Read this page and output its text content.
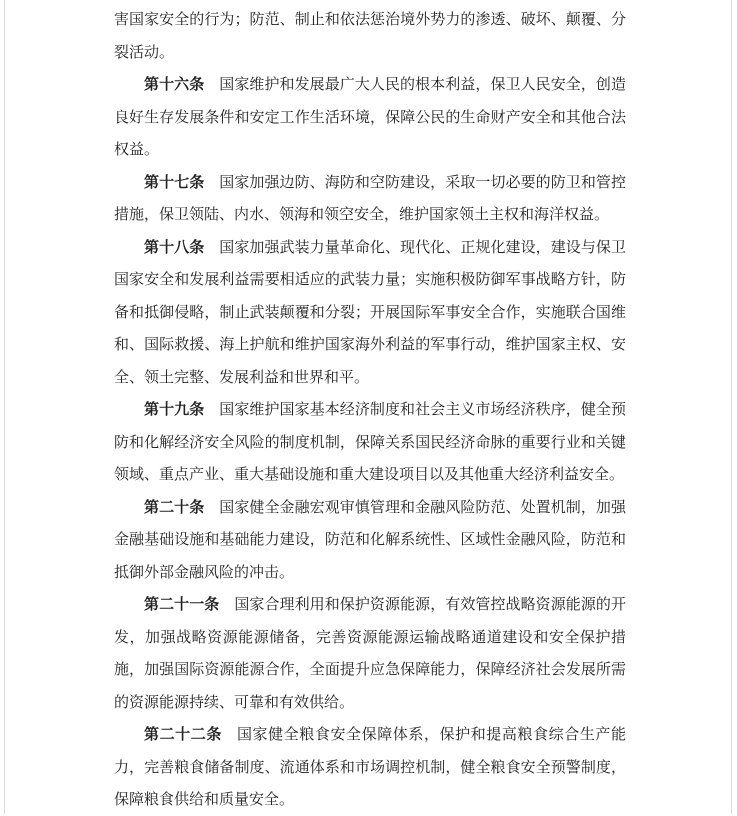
害国家安全的行为；防范、制止和依法惩治境外势力的渗透、破坏、颠覆、分裂活动。

第十六条 国家维护和发展最广大人民的根本利益，保卫人民安全，创造良好生存发展条件和安定工作生活环境，保障公民的生命财产安全和其他合法权益。

第十七条 国家加强边防、海防和空防建设，采取一切必要的防卫和管控措施，保卫领陆、内水、领海和领空安全，维护国家领土主权和海洋权益。

第十八条 国家加强武装力量革命化、现代化、正规化建设，建设与保卫国家安全和发展利益需要相适应的武装力量；实施积极防御军事战略方针，防备和抵御侵略，制止武装颠覆和分裂；开展国际军事安全合作，实施联合国维和、国际救援、海上护航和维护国家海外利益的军事行动，维护国家主权、安全、领土完整、发展利益和世界和平。

第十九条 国家维护国家基本经济制度和社会主义市场经济秩序，健全预防和化解经济安全风险的制度机制，保障关系国民经济命脉的重要行业和关键领域、重点产业、重大基础设施和重大建设项目以及其他重大经济利益安全。

第二十条 国家健全金融宏观审慎管理和金融风险防范、处置机制，加强金融基础设施和基础能力建设，防范和化解系统性、区域性金融风险，防范和抵御外部金融风险的冲击。

第二十一条 国家合理利用和保护资源能源，有效管控战略资源能源的开发，加强战略资源能源储备，完善资源能源运输战略通道建设和安全保护措施，加强国际资源能源合作，全面提升应急保障能力，保障经济社会发展所需的资源能源持续、可靠和有效供给。

第二十二条 国家健全粮食安全保障体系，保护和提高粮食综合生产能力，完善粮食储备制度、流通体系和市场调控机制，健全粮食安全预警制度，保障粮食供给和质量安全。
